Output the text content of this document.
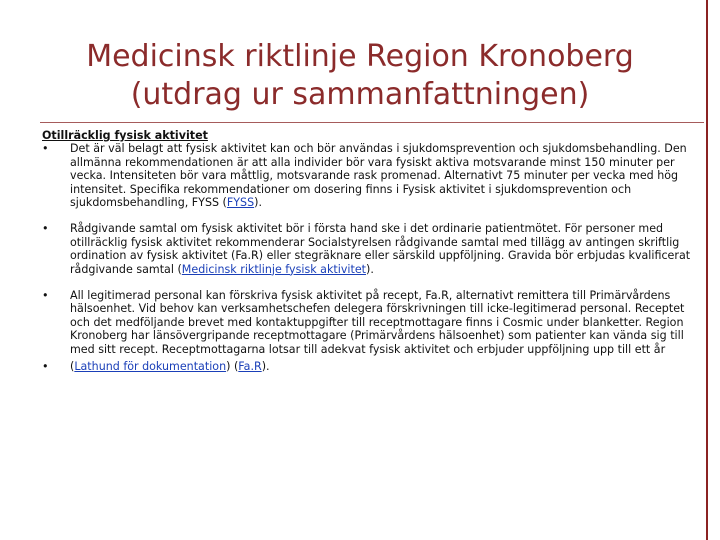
Medicinsk riktlinje Region Kronoberg
(utdrag ur sammanfattningen)
Otillräcklig fysisk aktivitet
•	Det är väl belagt att fysisk aktivitet kan och bör användas i sjukdomsprevention och sjukdomsbehandling. Den allmänna rekommendationen är att alla individer bör vara fysiskt aktiva motsvarande minst 150 minuter per vecka. Intensiteten bör vara måttlig, motsvarande rask promenad. Alternativt 75 minuter per vecka med hög intensitet. Specifika rekommendationer om dosering finns i Fysisk aktivitet i sjukdomsprevention och sjukdomsbehandling, FYSS (FYSS).
•	Rådgivande samtal om fysisk aktivitet bör i första hand ske i det ordinarie patientmötet. För personer med otillräcklig fysisk aktivitet rekommenderar Socialstyrelsen rådgivande samtal med tillägg av antingen skriftlig ordination av fysisk aktivitet (Fa.R) eller stegräknare eller särskild uppföljning. Gravida bör erbjudas kvalificerat rådgivande samtal (Medicinsk riktlinje fysisk aktivitet).
•	All legitimerad personal kan förskriva fysisk aktivitet på recept, Fa.R, alternativt remittera till Primärvårdens hälsoenhet. Vid behov kan verksamhetschefen delegera förskrivningen till icke-legitimerad personal. Receptet och det medföljande brevet med kontaktuppgifter till receptmottagare finns i Cosmic under blanketter. Region Kronoberg har länsövergripande receptmottagare (Primärvårdens hälsoenhet) som patienter kan vända sig till med sitt recept. Receptmottagarna lotsar till adekvat fysisk aktivitet och erbjuder uppföljning upp till ett år
•	(Lathund för dokumentation) (Fa.R).
